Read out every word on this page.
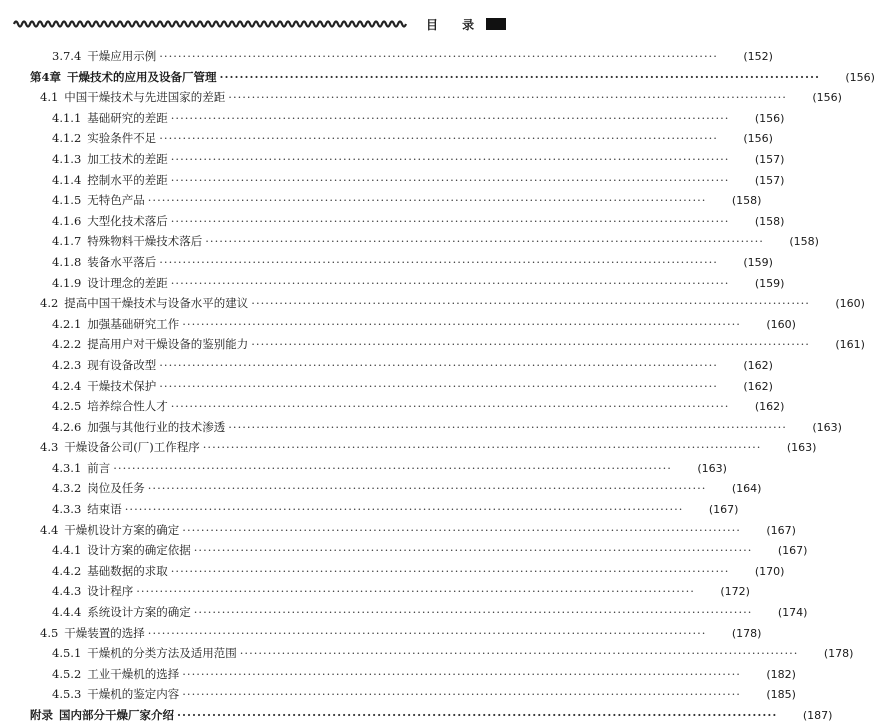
目 录
3.7.4 干燥应用示例 ························································································································	(152)
第4章 干燥技术的应用及设备厂管理 ························································································································	(156)
4.1 中国干燥技术与先进国家的差距 ························································································································	(156)
4.1.1 基础研究的差距 ························································································································	(156)
4.1.2 实验条件不足 ························································································································	(156)
4.1.3 加工技术的差距 ························································································································	(157)
4.1.4 控制水平的差距 ························································································································	(157)
4.1.5 无特色产品 ························································································································	(158)
4.1.6 大型化技术落后 ························································································································	(158)
4.1.7 特殊物料干燥技术落后 ························································································································	(158)
4.1.8 装备水平落后 ························································································································	(159)
4.1.9 设计理念的差距 ························································································································	(159)
4.2 提高中国干燥技术与设备水平的建议 ························································································································	(160)
4.2.1 加强基础研究工作 ························································································································	(160)
4.2.2 提高用户对干燥设备的鉴别能力 ························································································································	(161)
4.2.3 现有设备改型 ························································································································	(162)
4.2.4 干燥技术保护 ························································································································	(162)
4.2.5 培养综合性人才 ························································································································	(162)
4.2.6 加强与其他行业的技术渗透 ························································································································	(163)
4.3 干燥设备公司(厂)工作程序 ························································································································	(163)
4.3.1 前言 ························································································································	(163)
4.3.2 岗位及任务 ························································································································	(164)
4.3.3 结束语 ························································································································	(167)
4.4 干燥机设计方案的确定 ························································································································	(167)
4.4.1 设计方案的确定依据 ························································································································	(167)
4.4.2 基础数据的求取 ························································································································	(170)
4.4.3 设计程序 ························································································································	(172)
4.4.4 系统设计方案的确定 ························································································································	(174)
4.5 干燥装置的选择 ························································································································	(178)
4.5.1 干燥机的分类方法及适用范围 ························································································································	(178)
4.5.2 工业干燥机的选择 ························································································································	(182)
4.5.3 干燥机的鉴定内容 ························································································································	(185)
附录 国内部分干燥厂家介绍 ························································································································	(187)
